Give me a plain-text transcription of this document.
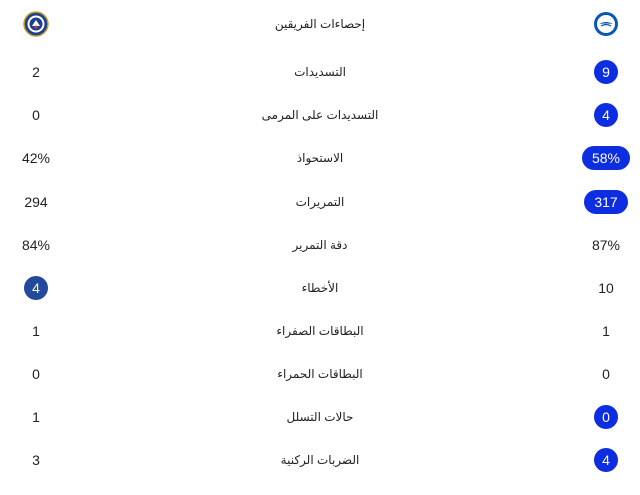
إحصاءات الفريقين
2	التسديدات	9
0	التسديدات على المرمى	4
42%	الاستحواذ	58%
294	التمريرات	317
84%	دقة التمرير	87%
4	الأخطاء	10
1	البطاقات الصفراء	1
0	البطاقات الحمراء	0
1	حالات التسلل	0
3	الضربات الركنية	4
